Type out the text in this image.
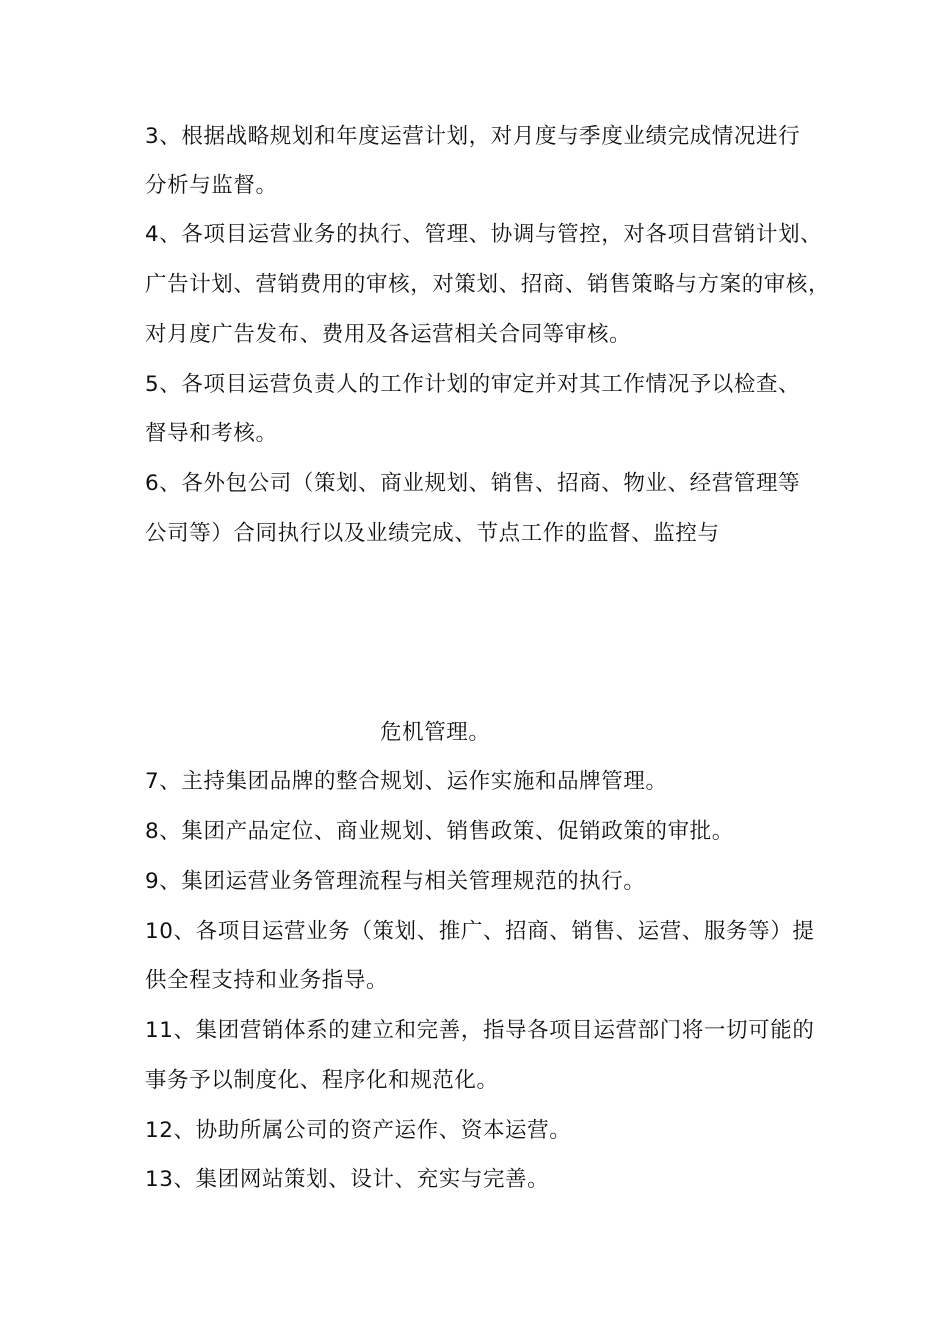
3、根据战略规划和年度运营计划，对月度与季度业绩完成情况进行
分析与监督。
4、各项目运营业务的执行、管理、协调与管控，对各项目营销计划、
广告计划、营销费用的审核，对策划、招商、销售策略与方案的审核，
对月度广告发布、费用及各运营相关合同等审核。
5、各项目运营负责人的工作计划的审定并对其工作情况予以检查、
督导和考核。
6、各外包公司（策划、商业规划、销售、招商、物业、经营管理等
公司等）合同执行以及业绩完成、节点工作的监督、监控与
危机管理。
7、主持集团品牌的整合规划、运作实施和品牌管理。
8、集团产品定位、商业规划、销售政策、促销政策的审批。
9、集团运营业务管理流程与相关管理规范的执行。
10、各项目运营业务（策划、推广、招商、销售、运营、服务等）提
供全程支持和业务指导。
11、集团营销体系的建立和完善，指导各项目运营部门将一切可能的
事务予以制度化、程序化和规范化。
12、协助所属公司的资产运作、资本运营。
13、集团网站策划、设计、充实与完善。
